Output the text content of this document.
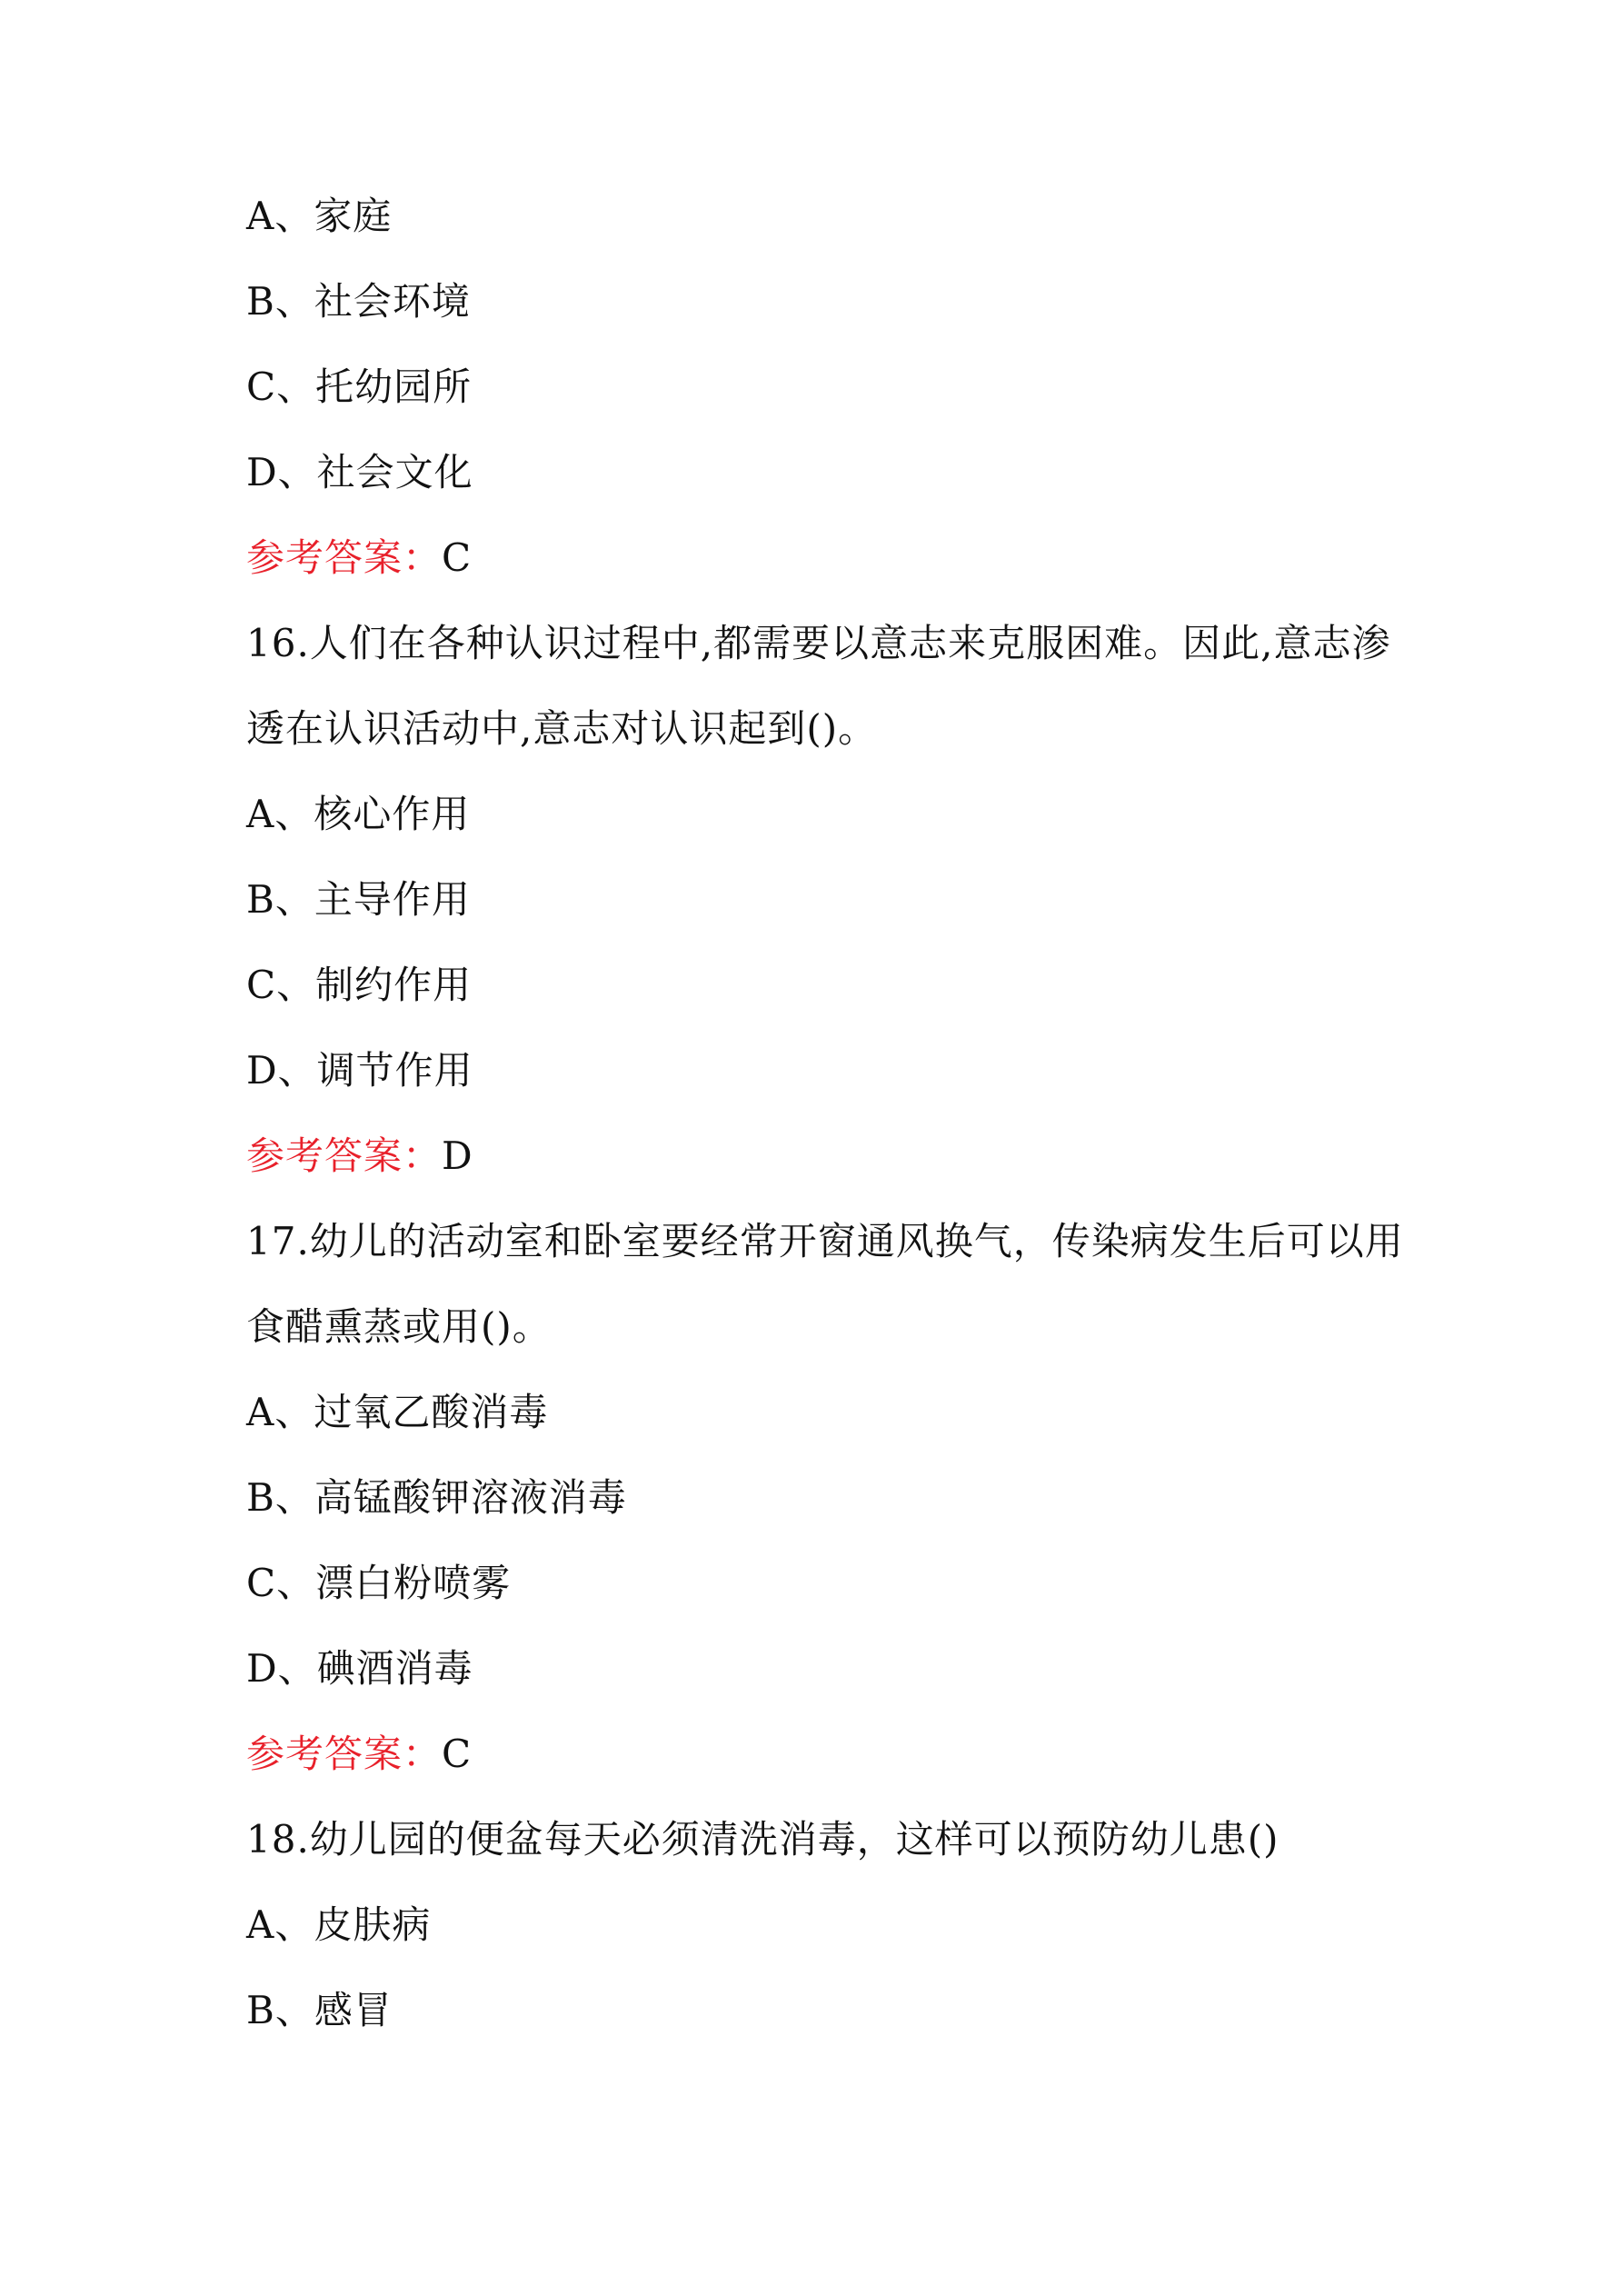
A、家庭
B、社会环境
C、托幼园所
D、社会文化
参考答案：C
16.人们在各种认识过程中,都需要以意志来克服困难。因此,意志渗
透在认识活动中,意志对认识起到()。
A、核心作用
B、主导作用
C、制约作用
D、调节作用
参考答案：D
17.幼儿的活动室和卧室要经常开窗通风换气，传染病发生后可以用
食醋熏蒸或用()。
A、过氧乙酸消毒
B、高锰酸钾溶液消毒
C、漂白粉喷雾
D、碘酒消毒
参考答案：C
18.幼儿园的便盆每天必须清洗消毒，这样可以预防幼儿患()
A、皮肤病
B、感冒
